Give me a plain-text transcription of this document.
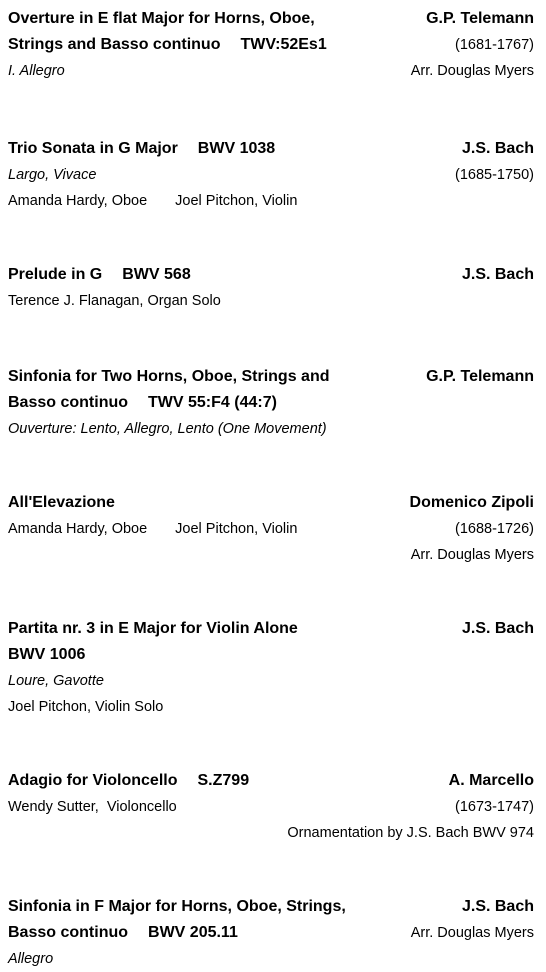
Overture in E flat Major for Horns, Oboe,	G.P. Telemann
Strings and Basso continuo TWV:52Es1	(1681-1767)
I. Allegro	Arr. Douglas Myers
Trio Sonata in G Major BWV 1038	J.S. Bach
Largo, Vivace	(1685-1750)
Amanda Hardy, Oboe Joel Pitchon, Violin
Prelude in G BWV 568	J.S. Bach
Terence J. Flanagan, Organ Solo
Sinfonia for Two Horns, Oboe, Strings and	G.P. Telemann
Basso continuo TWV 55:F4 (44:7)
Ouverture: Lento, Allegro, Lento (One Movement)
All'Elevazione	Domenico Zipoli
Amanda Hardy, Oboe Joel Pitchon, Violin	(1688-1726)
Arr. Douglas Myers
Partita nr. 3 in E Major for Violin Alone	J.S. Bach
BWV 1006
Loure, Gavotte
Joel Pitchon, Violin Solo
Adagio for Violoncello S.Z799	A. Marcello
Wendy Sutter,  Violoncello	(1673-1747)
Ornamentation by J.S. Bach BWV 974
Sinfonia in F Major for Horns, Oboe, Strings,	J.S. Bach
Basso continuo BWV 205.11	Arr. Douglas Myers
Allegro
